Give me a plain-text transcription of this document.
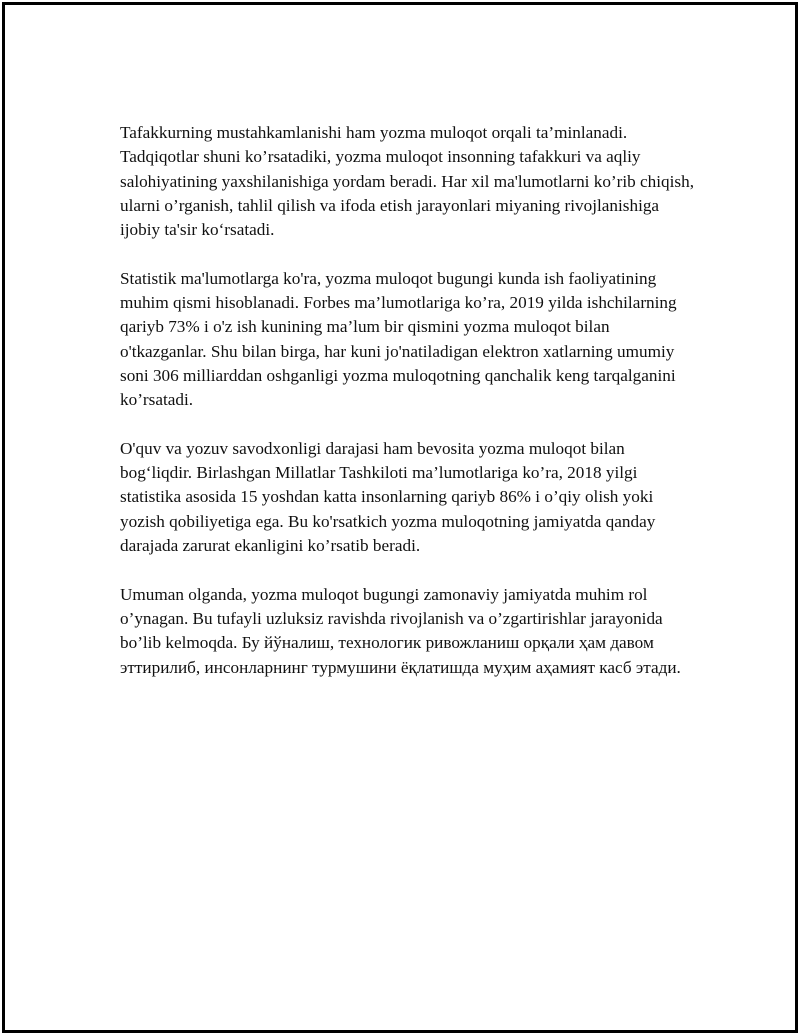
Tafakkurning mustahkamlanishi ham yozma muloqot orqali ta’minlanadi. Tadqiqotlar shuni ko’rsatadiki, yozma muloqot insonning tafakkuri va aqliy salohiyatining yaxshilanishiga yordam beradi. Har xil ma'lumotlarni ko’rib chiqish, ularni o’rganish, tahlil qilish va ifoda etish jarayonlari miyaning rivojlanishiga ijobiy ta'sir ko‘rsatadi.

Statistik ma'lumotlarga ko'ra, yozma muloqot bugungi kunda ish faoliyatining muhim qismi hisoblanadi. Forbes ma’lumotlariga ko’ra, 2019 yilda ishchilarning qariyb 73% i o'z ish kunining ma’lum bir qismini yozma muloqot bilan o'tkazganlar. Shu bilan birga, har kuni jo'natiladigan elektron xatlarning umumiy soni 306 milliarddan oshganligi yozma muloqotning qanchalik keng tarqalganini ko’rsatadi.

O'quv va yozuv savodxonligi darajasi ham bevosita yozma muloqot bilan bog‘liqdir. Birlashgan Millatlar Tashkiloti ma’lumotlariga ko’ra, 2018 yilgi statistika asosida 15 yoshdan katta insonlarning qariyb 86% i o’qiy olish yoki yozish qobiliyetiga ega. Bu ko'rsatkich yozma muloqotning jamiyatda qanday darajada zarurat ekanligini ko’rsatib beradi.

Umuman olganda, yozma muloqot bugungi zamonaviy jamiyatda muhim rol o’ynagan. Bu tufayli uzluksiz ravishda rivojlanish va o’zgartirishlar jarayonida bo’lib kelmoqda. Бу йўналиш, технологик ривожланиш орқали ҳам давом эттирилиб, инсонларнинг турмушини ёқлатишда муҳим аҳамият касб этади.
